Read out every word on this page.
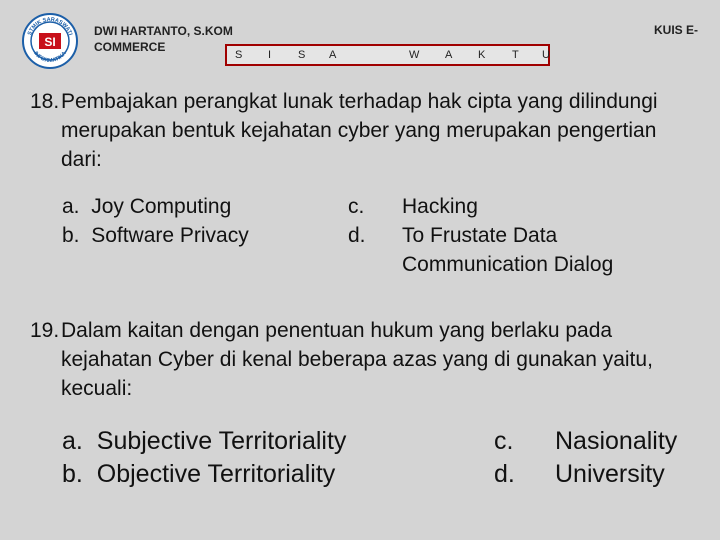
SI
STMIK SARASWATI
INFORMATIKA
DWI HARTANTO, S.KOM
COMMERCE
KUIS E-
S I S A	W A K T U
18. Pembajakan perangkat lunak terhadap hak cipta yang dilindungi merupakan bentuk kejahatan cyber yang merupakan pengertian dari:
a. Joy Computing
b. Software Privacy
c. Hacking
d. To Frustate Data Communication Dialog
19. Dalam kaitan dengan penentuan hukum yang berlaku pada kejahatan Cyber di kenal beberapa azas yang di gunakan yaitu, kecuali:
a. Subjective Territoriality
b. Objective Territoriality
c. Nasionality
d. University
